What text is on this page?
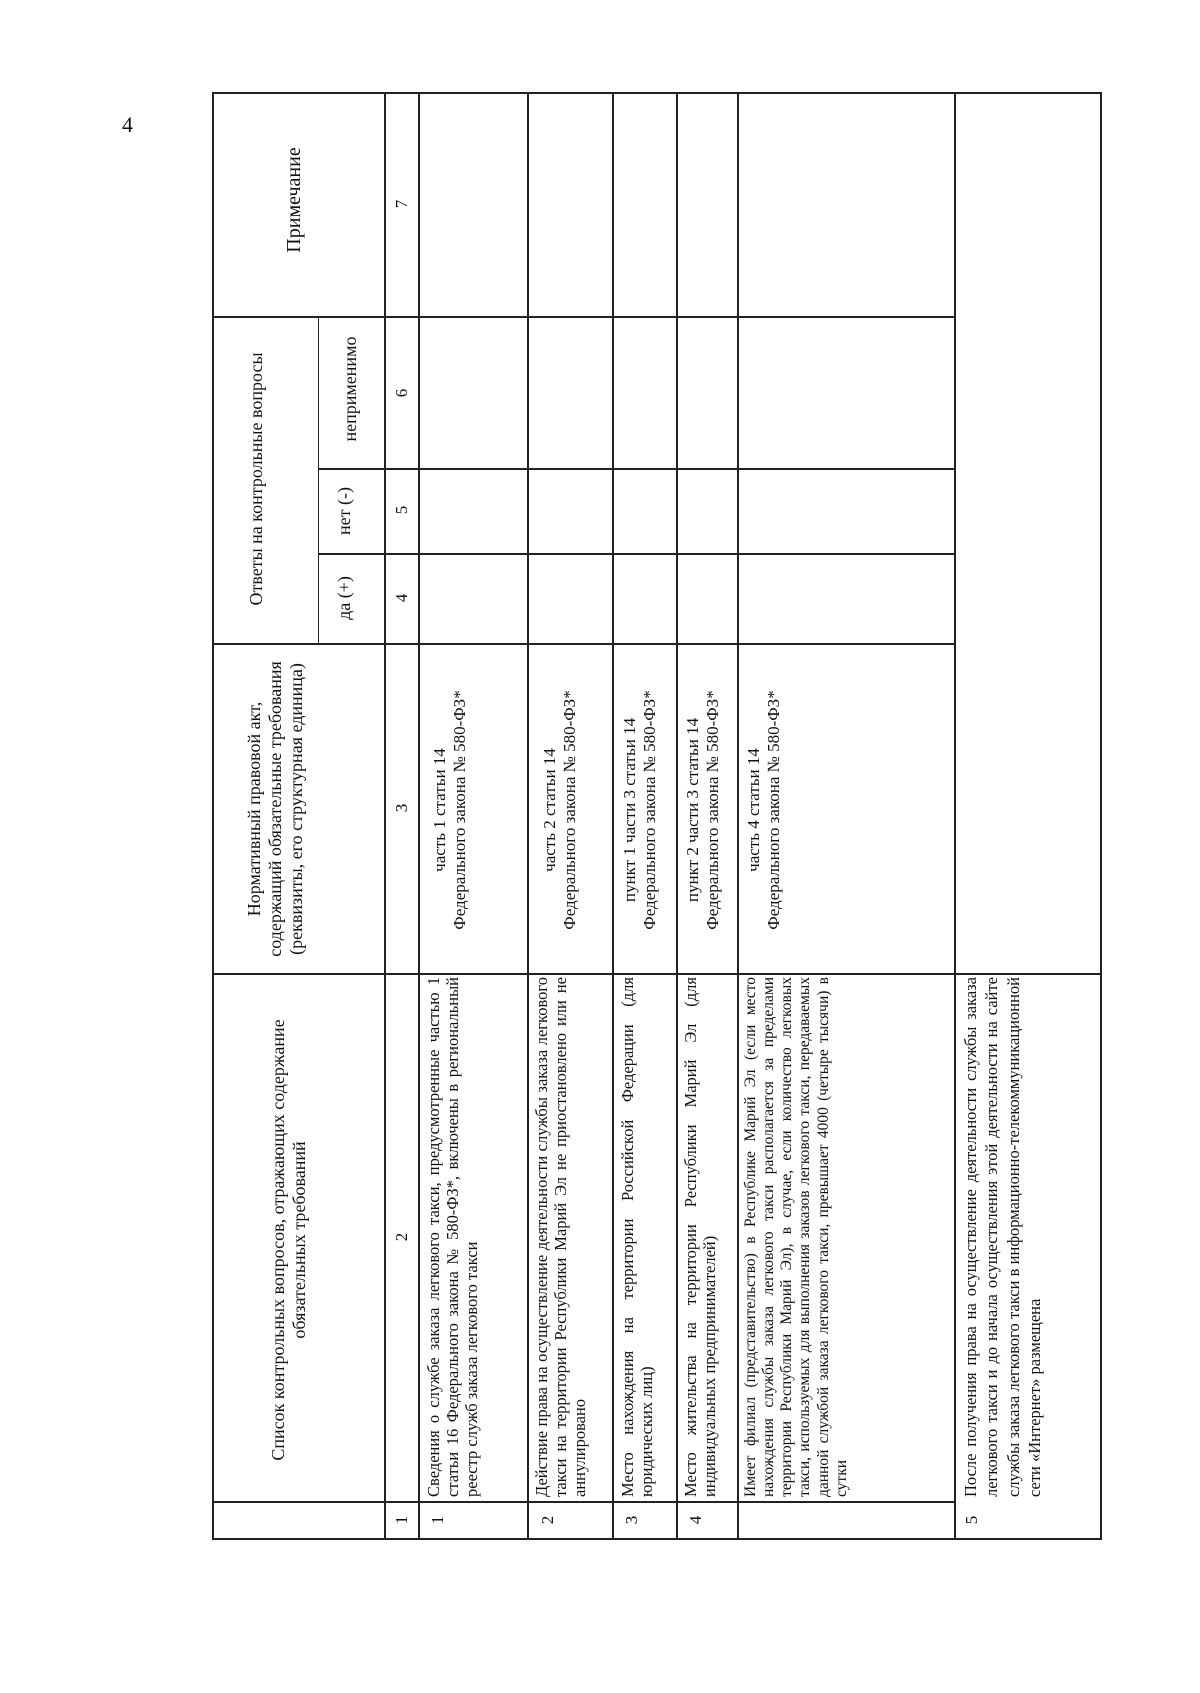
4
Список контрольных вопросов, отражающих содержание обязательных требований
Нормативный правовой акт, содержащий обязательные требования (реквизиты, его структурная единица)
Ответы на контрольные вопросы	да (+)
нет (-)
неприменимо
Примечание
1
2
3
4
5
6
7
1
Сведения о службе заказа легкового такси, предусмотренные частью 1 статьи 16 Федерального закона № 580-ФЗ*, включены в региональный реестр служб заказа легкового такси
часть 1 статьи 14 Федерального закона № 580-ФЗ*
2
Действие права на осуществление деятельности службы заказа легкового такси на территории Республики Марий Эл не приостановлено или не аннулировано
часть 2 статьи 14 Федерального закона № 580-ФЗ*
3
Место нахождения на территории Российской Федерации (для юридических лиц)
пункт 1 части 3 статьи 14 Федерального закона № 580-ФЗ*
4
Место жительства на территории Республики Марий Эл (для индивидуальных предпринимателей)
пункт 2 части 3 статьи 14 Федерального закона № 580-ФЗ*
Имеет филиал (представительство) в Республике Марий Эл (если место нахождения службы заказа легкового такси располагается за пределами территории Республики Марий Эл), в случае, если количество легковых такси, используемых для выполнения заказов легкового такси, передаваемых данной службой заказа легкового такси, превышает 4000 (четыре тысячи) в сутки
часть 4 статьи 14 Федерального закона № 580-ФЗ*
5
После получения права на осуществление деятельности службы заказа легкового такси и до начала осуществления этой деятельности на сайте службы заказа легкового такси в информационно-телекоммуникационной сети «Интернет» размещена
